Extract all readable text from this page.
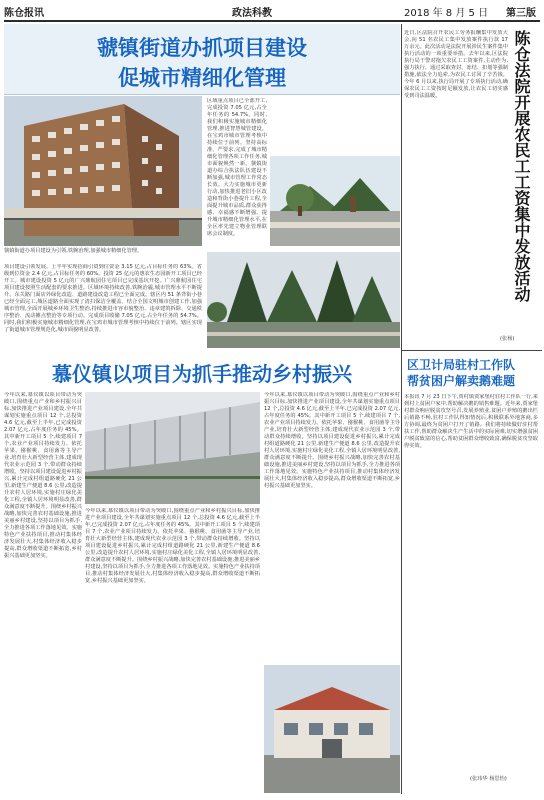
陈仓报讯	政法科教	2018 年 8 月 5 日 第三版
虢镇街道办抓项目建设
促城市精细化管理
虢镇街道办项目建设为引领,铁腕治理,加强城市精细化管理。
项目建设引领发展。上半年实现招商引资到位资金 3.15 亿元,占目标任务的 63%。省级到位资金 2.4 亿元,占目标任务的 60%。投资 25 亿元的惠农生态园新开工项目已经开工。城市建设投资 5 亿元的广兴鼎航园住宅项目已完成基坑开挖。广兴鼎航园住宅项目建设按照生活配套的要求推进。区域环境持续改善,铁腕治霾,城市管理水平不断提升。东关路门面店外绿化改造、道路建设改造工程已全面完成。辖区内 51 条背街小巷已经全面完工,城区道路全面实现了清扫保洁全覆盖。结合全国文明城市创建工作,加强城市管理,全面开展城乡环境卫生整治,持续推进市容市貌整治、违章建筑拆除、交通秩序整治、流动摊点整治等专项行动。完成项目收储 7.05 亿元,占全年任务的 54.7%。同时,我们积极实施城市精细化管理,在宝鸡市城市管理考核中持续位于前列。辖区实现了街道城市管理规范化,城市面貌明显改善。
区域重点项目已全部开工,完成投资 7.05 亿元,占全年任务的 54.7%。同时,我们积极实施城市精细化管理,推进智慧城管建设。在宝鸡市城市管理考核中持续位于前列。坚持高标准、严要求,完成了城市精细化管理各项工作任务,城市面貌焕然一新。虢镇街道办综合执法队伍建设不断加强,城市管理工作常态长效。大力实施城市更新行动,加快推进老旧小区改造和背街小巷提升工程,全面提升城市品质,群众获得感、幸福感不断增强。提升城市精细化管理水平,在全区率先建立物业管理联席会议制度。
慕仪镇以项目为抓手推动乡村振兴
今年以来,慕仪镇以项目带动为突破口,围绕重点产业和乡村振兴目标,加快推进产业项目建设,全年共谋划实施重点项目 12 个,总投资 4.6 亿元,截至上半年,已完成投资 2.07 亿元,占年度任务的 45%。其中新开工项目 5 个,续建项目 7 个,农业产业项目持续发力。依托苹果、猕猴桃、食用菌等主导产业,培育壮大新型经营主体,建成现代农业示范园 3 个,带动群众持续增收。坚持以项目建设促进乡村振兴,累计完成村组道路硬化 21 公里,新建生产便道 8.6 公里,改造提升农村人居环境,实施村庄绿化美化工程,全镇人居环境明显改善,群众满意度不断提升。围绕乡村振兴战略,加快完善农村基础设施,推进美丽乡村建设,坚持以项目为抓手,全力推进各项工作落地见效。实施特色产业扶持项目,推动村集体经济发展壮大,村集体经济收入稳步提高,群众增收渠道不断拓宽,乡村振兴基础更加坚实。
今年以来,慕仪镇以项目带动为突破口,围绕重点产业和乡村振兴目标,加快推进产业项目建设,全年共谋划实施重点项目 12 个,总投资 4.6 亿元,截至上半年,已完成投资 2.07 亿元,占年度任务的 45%。其中新开工项目 5 个,续建项目 7 个,农业产业项目持续发力。依托苹果、猕猴桃、食用菌等主导产业,培育壮大新型经营主体,建成现代农业示范园 3 个,带动群众持续增收。坚持以项目建设促进乡村振兴,累计完成村组道路硬化 21 公里,新建生产便道 8.6 公里,改造提升农村人居环境,实施村庄绿化美化工程,全镇人居环境明显改善,群众满意度不断提升。围绕乡村振兴战略,加快完善农村基础设施,推进美丽乡村建设,坚持以项目为抓手,全力推进各项工作落地见效。实施特色产业扶持项目,推动村集体经济发展壮大,村集体经济收入稳步提高,群众增收渠道不断拓宽,乡村振兴基础更加坚实。
今年以来,慕仪镇以项目带动为突破口,围绕重点产业和乡村振兴目标,加快推进产业项目建设,全年共谋划实施重点项目 12 个,总投资 4.6 亿元,截至上半年,已完成投资 2.07 亿元,占年度任务的 45%。其中新开工项目 5 个,续建项目 7 个,农业产业项目持续发力。依托苹果、猕猴桃、食用菌等主导产业,培育壮大新型经营主体,建成现代农业示范园 3 个,带动群众持续增收。坚持以项目建设促进乡村振兴,累计完成村组道路硬化 21 公里,新建生产便道 8.6 公里,改造提升农村人居环境,实施村庄绿化美化工程,全镇人居环境明显改善,群众满意度不断提升。围绕乡村振兴战略,加快完善农村基础设施,推进美丽乡村建设,坚持以项目为抓手,全力推进各项工作落地见效。实施特色产业扶持项目,推动村集体经济发展壮大,村集体经济收入稳步提高,群众增收渠道不断拓宽,乡村振兴基础更加坚实。
陈仓法院开展农民工工资集中发放活动
近日,区法院召开农民工劳务报酬集中发放大会,向 51 名农民工集中发放案件执行款 17 万余元。此次活动是法院开展涉民生案件集中执行活动的一项重要举措。去年以来,区法院执行局干警对拖欠农民工工资案件,主动作为,强力执行。通过采取查封、冻结、扣划等强制措施,依法全力追索,为农民工讨回了辛苦钱。今年 6 月以来,执行局开展了专项执行活动,确保农民工工资按时足额发放,让农民工切实感受到司法温暖。
(张杨)
区卫计局驻村工作队
帮贫困户解卖鹅难题
本报讯 7 月 23 日下午,贾村镇贾家堡村驻村工作队一行,来到村上贫困户家中,帮助解决鹅的销售难题。近年来,贾家堡村群众响应脱贫攻坚号召,发展养殖业,贫困户养殖的鹅出栏后销路不畅,驻村工作队得知情况后,积极联系外地客商,多方协调,最终为贫困户打开了销路。我们将持续做好驻村帮扶工作,帮助群众解决生产生活中的实际困难,切实增强贫困户脱贫致富的信心,帮助贫困群众增收致富,确保脱贫攻坚取得实效。
(张玮华 杨思怡)
